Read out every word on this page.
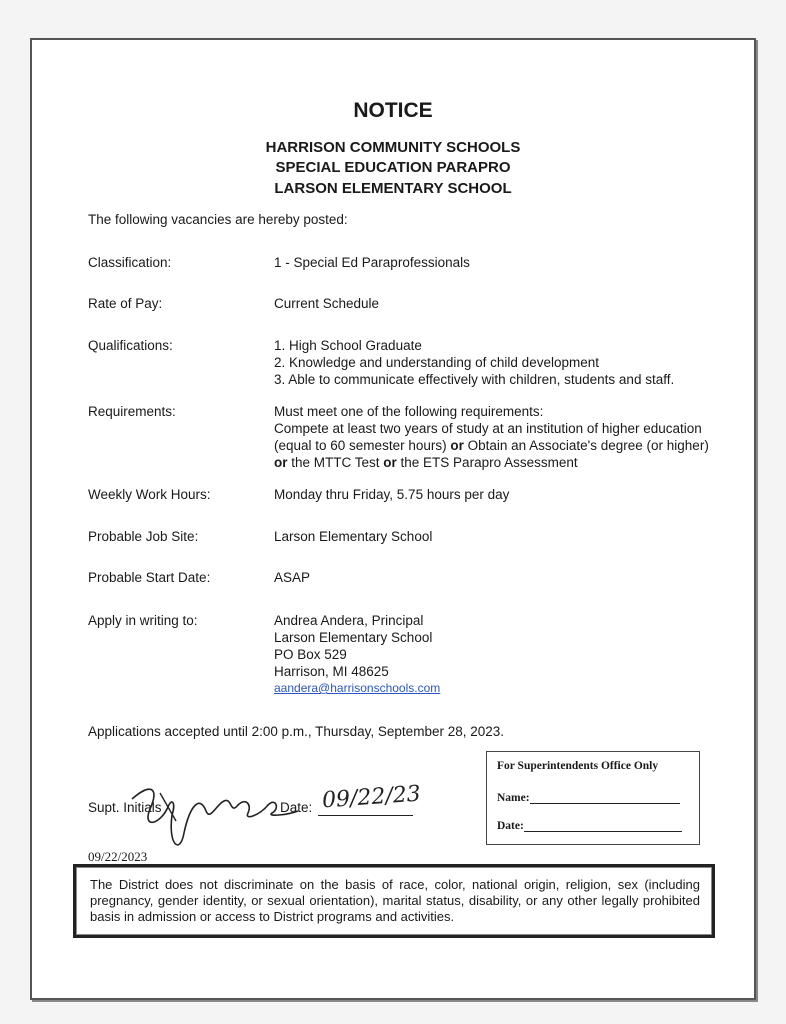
NOTICE
HARRISON COMMUNITY SCHOOLS
SPECIAL EDUCATION PARAPRO
LARSON ELEMENTARY SCHOOL
The following vacancies are hereby posted:
Classification:	1 - Special Ed Paraprofessionals
Rate of Pay:	Current Schedule
Qualifications:	1. High School Graduate
2. Knowledge and understanding of child development
3. Able to communicate effectively with children, students and staff.
Requirements:	Must meet one of the following requirements:
Compete at least two years of study at an institution of higher education
(equal to 60 semester hours) or Obtain an Associate's degree (or higher)
or the MTTC Test or the ETS Parapro Assessment
Weekly Work Hours:	Monday thru Friday, 5.75 hours per day
Probable Job Site:	Larson Elementary School
Probable Start Date:	ASAP
Apply in writing to:	Andrea Andera, Principal
Larson Elementary School
PO Box 529
Harrison, MI 48625
aandera@harrisonschools.com
Applications accepted until 2:00 p.m., Thursday, September 28, 2023.
For Superintendents Office Only
Name:
Date:
Supt. Initials	Date: 09/22/23
09/22/2023
The District does not discriminate on the basis of race, color, national origin, religion, sex (including pregnancy, gender identity, or sexual orientation), marital status, disability, or any other legally prohibited basis in admission or access to District programs and activities.
